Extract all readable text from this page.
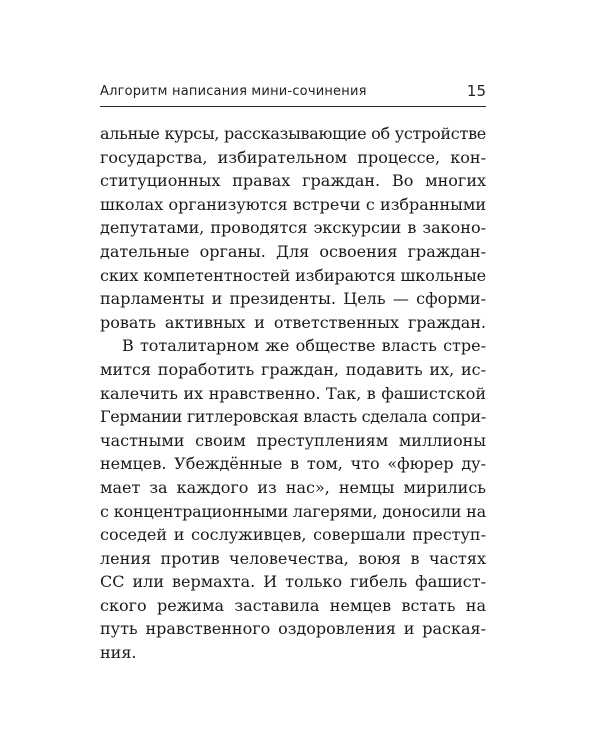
Алгоритм написания мини-сочинения	15
альные курсы, рассказывающие об устройстве
государства, избирательном процессе, кон-
ституционных правах граждан. Во многих
школах организуются встречи с избранными
депутатами, проводятся экскурсии в законо-
дательные органы. Для освоения граждан-
ских компетентностей избираются школьные
парламенты и президенты. Цель — сформи-
ровать активных и ответственных граждан.
В тоталитарном же обществе власть стре-
мится поработить граждан, подавить их, ис-
калечить их нравственно. Так, в фашистской
Германии гитлеровская власть сделала сопри-
частными своим преступлениям миллионы
немцев. Убеждённые в том, что «фюрер ду-
мает за каждого из нас», немцы мирились
с концентрационными лагерями, доносили на
соседей и сослуживцев, совершали преступ-
ления против человечества, воюя в частях
СС или вермахта. И только гибель фашист-
ского режима заставила немцев встать на
путь нравственного оздоровления и раская-
ния.
